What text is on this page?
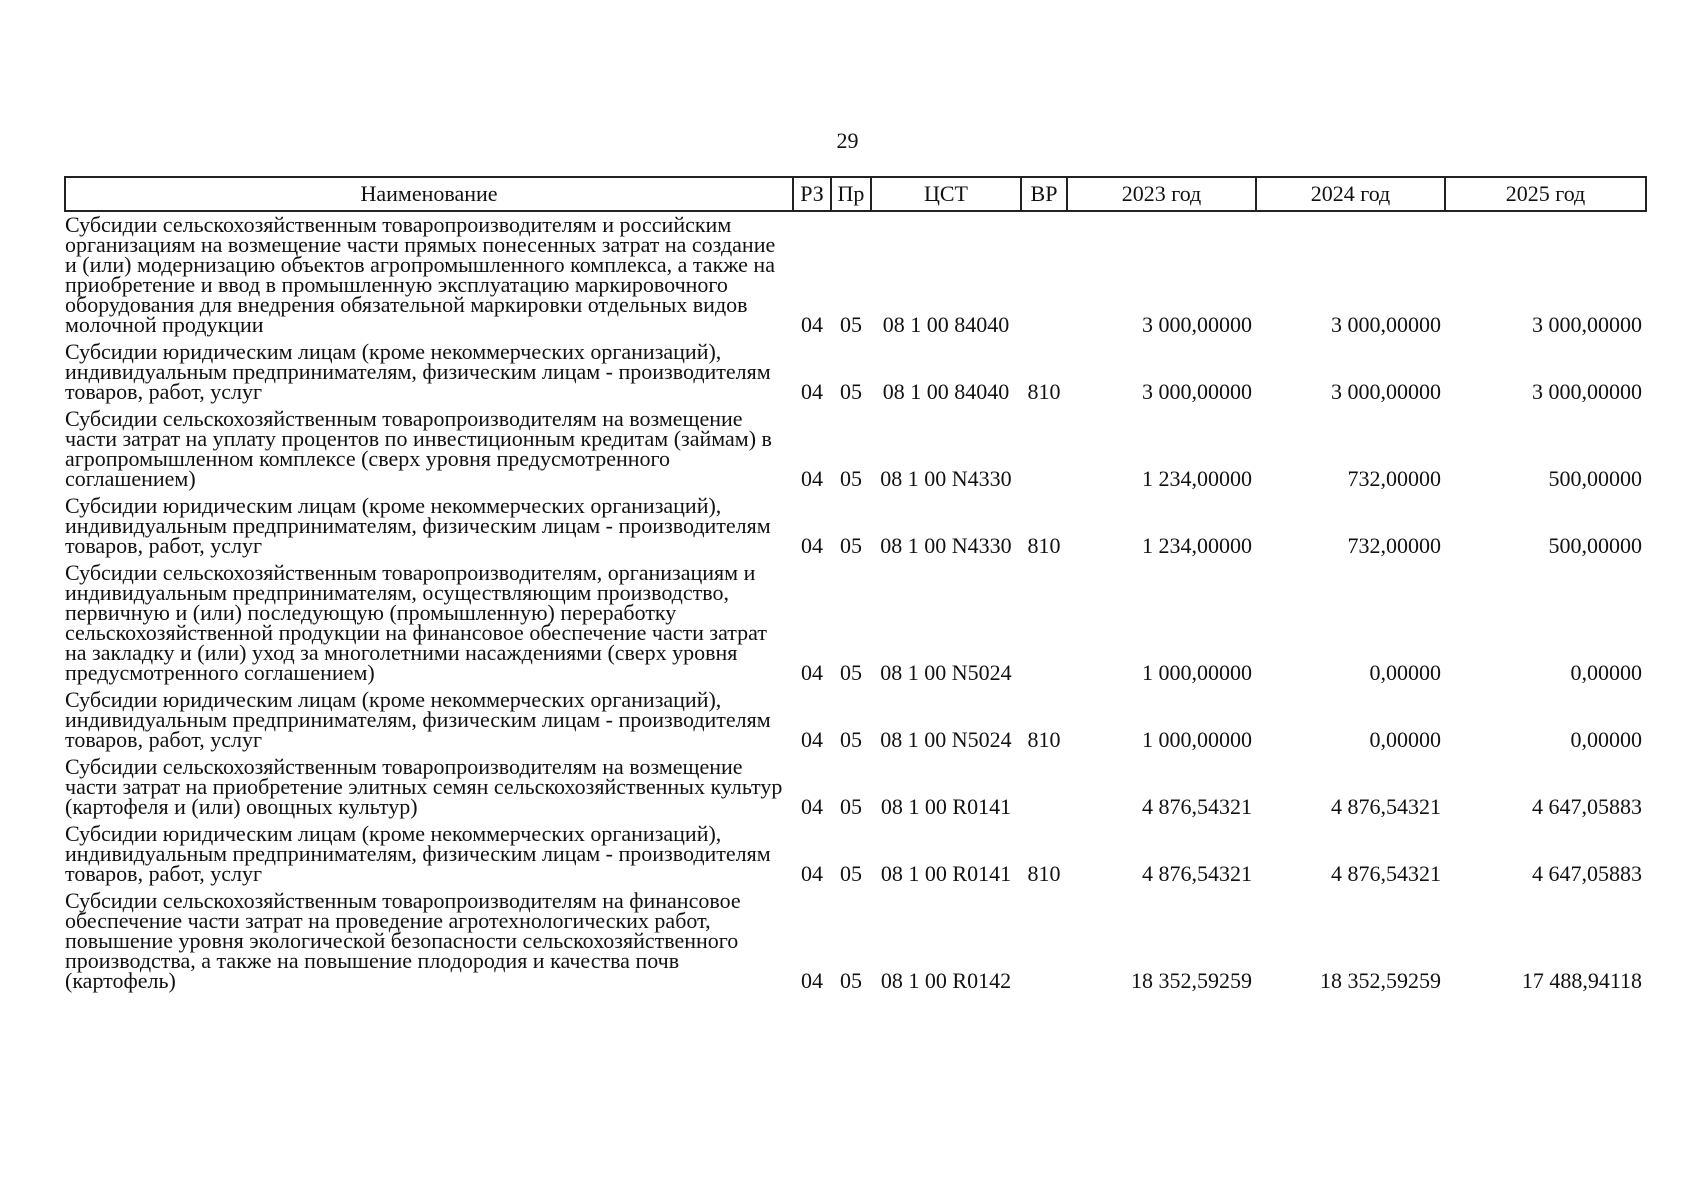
29
Наименование	РЗ	Пр	ЦСТ	ВР	2023 год	2024 год	2025 год

Субсидии сельскохозяйственным товаропроизводителям и российским организациям на возмещение части прямых понесенных затрат на создание и (или) модернизацию объектов агропромышленного комплекса, а также на приобретение и ввод в промышленную эксплуатацию маркировочного оборудования для внедрения обязательной маркировки отдельных видов молочной продукции	04	05	08 1 00 84040		3 000,00000	3 000,00000	3 000,00000

Субсидии юридическим лицам (кроме некоммерческих организаций), индивидуальным предпринимателям, физическим лицам - производителям товаров, работ, услуг	04	05	08 1 00 84040	810	3 000,00000	3 000,00000	3 000,00000

Субсидии сельскохозяйственным товаропроизводителям на возмещение части затрат на уплату процентов по инвестиционным кредитам (займам) в агропромышленном комплексе (сверх уровня предусмотренного соглашением)	04	05	08 1 00 N4330		1 234,00000	732,00000	500,00000

Субсидии юридическим лицам (кроме некоммерческих организаций), индивидуальным предпринимателям, физическим лицам - производителям товаров, работ, услуг	04	05	08 1 00 N4330	810	1 234,00000	732,00000	500,00000

Субсидии сельскохозяйственным товаропроизводителям, организациям и индивидуальным предпринимателям, осуществляющим производство, первичную и (или) последующую (промышленную) переработку сельскохозяйственной продукции на финансовое обеспечение части затрат на закладку и (или) уход за многолетними насаждениями (сверх уровня предусмотренного соглашением)	04	05	08 1 00 N5024		1 000,00000	0,00000	0,00000

Субсидии юридическим лицам (кроме некоммерческих организаций), индивидуальным предпринимателям, физическим лицам - производителям товаров, работ, услуг	04	05	08 1 00 N5024	810	1 000,00000	0,00000	0,00000

Субсидии сельскохозяйственным товаропроизводителям на возмещение части затрат на приобретение элитных семян сельскохозяйственных культур (картофеля и (или) овощных культур)	04	05	08 1 00 R0141		4 876,54321	4 876,54321	4 647,05883

Субсидии юридическим лицам (кроме некоммерческих организаций), индивидуальным предпринимателям, физическим лицам - производителям товаров, работ, услуг	04	05	08 1 00 R0141	810	4 876,54321	4 876,54321	4 647,05883

Субсидии сельскохозяйственным товаропроизводителям на финансовое обеспечение части затрат на проведение агротехнологических работ, повышение уровня экологической безопасности сельскохозяйственного производства, а также на повышение плодородия и качества почв (картофель)	04	05	08 1 00 R0142		18 352,59259	18 352,59259	17 488,94118
